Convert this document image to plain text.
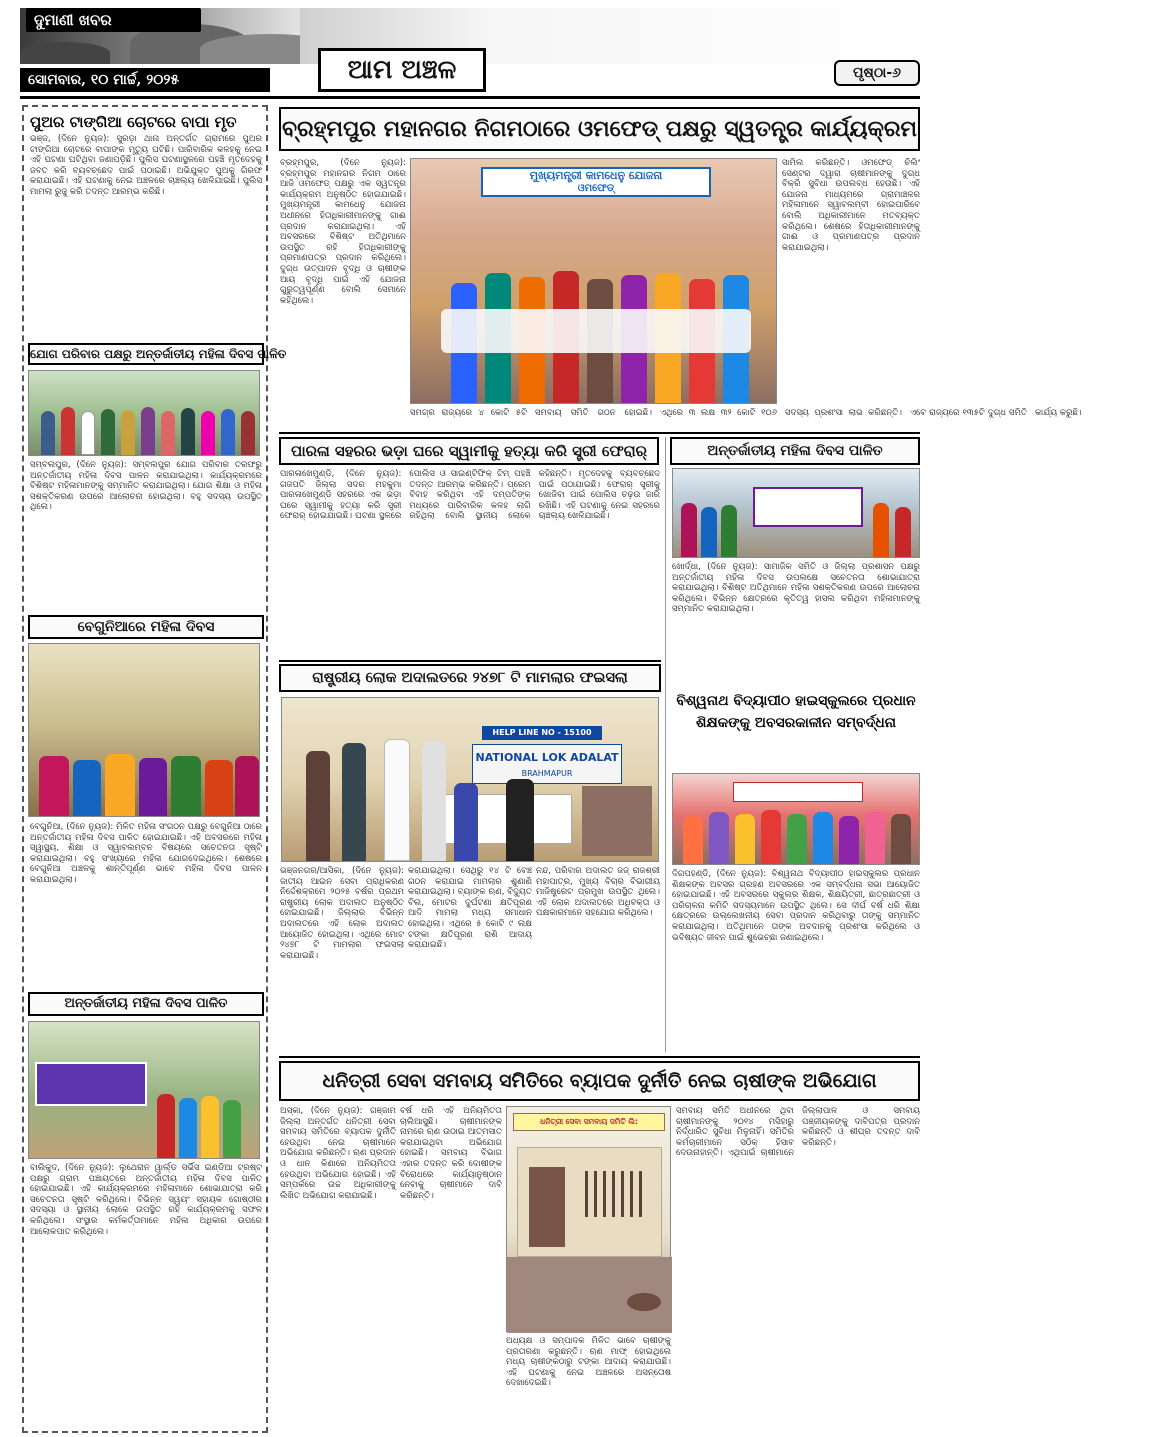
ଦୁମାଣୀ ଖବର
ସୋମବାର, ୧୦ ମାର୍ଚ୍ଚ, ୨୦୨୫	ଆମ ଅଞ୍ଚଳ	ପୃଷ୍ଠା-୬
ପୁଅର ଟାଙ୍ଗିଆ ଚୋଟରେ ବାପା ମୃତ
ଭଞ୍ଜ, (ଦିନେ ନ୍ୟୁଜ): ସୁରଡ଼ା ଥାନା ଅନ୍ତର୍ଗତ ଗ୍ରାମରେ ପୁଅର ଟାଙ୍ଗିଆ ଚୋଟରେ ବାପାଙ୍କ ମୃତ୍ୟୁ ଘଟିଛି। ପାରିବାରିକ କଳହକୁ ନେଇ ଏହି ଘଟଣା ଘଟିଥିବା ଜଣାପଡ଼ିଛି। ପୁଲିସ ଘଟଣାସ୍ଥଳରେ ପହଞ୍ଚି ମୃତଦେହକୁ ଜବତ କରି ବ୍ୟବଚ୍ଛେଦ ପାଇଁ ପଠାଇଛି। ଅଭିଯୁକ୍ତ ପୁଅକୁ ଗିରଫ କରାଯାଇଛି। ଏହି ଘଟଣାକୁ ନେଇ ଅଞ୍ଚଳରେ ଚାଞ୍ଚଲ୍ୟ ଖେଳିଯାଇଛି। ପୁଲିସ ମାମଲା ରୁଜୁ କରି ତଦନ୍ତ ଆରମ୍ଭ କରିଛି।
ଯୋଗ ପରିବାର ପକ୍ଷରୁ ଅନ୍ତର୍ଜାତୀୟ ମହିଳା ଦିବସ ପାଳିତ
ସମ୍ବଲପୁର, (ଦିନେ ନ୍ୟୁଜ): ସମ୍ବଲପୁର ଯୋଗ ପରିବାର ତରଫରୁ ଅନ୍ତର୍ଜାତୀୟ ମହିଳା ଦିବସ ପାଳନ କରାଯାଇଥିଲା। କାର୍ଯ୍ୟକ୍ରମରେ ବିଶିଷ୍ଟ ମହିଳାମାନଙ୍କୁ ସମ୍ମାନିତ କରାଯାଇଥିଲା। ଯୋଗ ଶିକ୍ଷା ଓ ମହିଳା ସଶକ୍ତିକରଣ ଉପରେ ଆଲୋଚନା ହୋଇଥିଲା। ବହୁ ସଦସ୍ୟ ଉପସ୍ଥିତ ଥିଲେ।
ବେଗୁନିଆରେ ମହିଳା ଦିବସ
ବେଗୁନିଆ, (ଦିନେ ନ୍ୟୁଜ): ମିଳିତ ମହିଳା ସଂଗଠନ ପକ୍ଷରୁ ବେଗୁନିଆ ଠାରେ ଅନ୍ତର୍ଜାତୀୟ ମହିଳା ଦିବସ ପାଳିତ ହୋଇଯାଇଛି। ଏହି ଅବସରରେ ମହିଳା ସ୍ୱାସ୍ଥ୍ୟ, ଶିକ୍ଷା ଓ ସ୍ୱାବଲମ୍ବନ ବିଷୟରେ ସଚେତନତା ସୃଷ୍ଟି କରାଯାଇଥିଲା। ବହୁ ସଂଖ୍ୟାରେ ମହିଳା ଯୋଗଦେଇଥିଲେ। ଶେଷରେ ବେଗୁନିଆ ଅଞ୍ଚଳକୁ ଶାନ୍ତିପୂର୍ଣ୍ଣ ଭାବେ ମହିଳା ଦିବସ ପାଳନ କରାଯାଇଥିଲା।
ଅନ୍ତର୍ଜାତୀୟ ମହିଳା ଦିବସ ପାଳିତ
ବାଲିକୁଦ, (ଦିନେ ନ୍ୟୁଜ): ଲୁଥେରାନ ୱାର୍ଲ୍ଡ ସର୍ଭିସ ଇଣ୍ଡିଆ ଟ୍ରଷ୍ଟ ପକ୍ଷରୁ ଗ୍ରାମ ପଞ୍ଚାୟତରେ ଅନ୍ତର୍ଜାତୀୟ ମହିଳା ଦିବସ ପାଳିତ ହୋଇଯାଇଛି। ଏହି କାର୍ଯ୍ୟକ୍ରମରେ ମହିଳାମାନେ ଶୋଭାଯାତ୍ରା କରି ସଚେତନତା ସୃଷ୍ଟି କରିଥିଲେ। ବିଭିନ୍ନ ସ୍ୱୟଂ ସହାୟକ ଗୋଷ୍ଠୀର ସଦସ୍ୟା ଓ ସ୍ଥାନୀୟ ଲୋକେ ଉପସ୍ଥିତ ରହି କାର୍ଯ୍ୟକ୍ରମକୁ ସଫଳ କରିଥିଲେ। ସଂସ୍ଥାର କର୍ମକର୍ତ୍ତାମାନେ ମହିଳା ଅଧିକାର ଉପରେ ଆଲୋକପାତ କରିଥିଲେ।
ବ୍ରହ୍ମପୁର ମହାନଗର ନିଗମଠାରେ ଓମଫେଡ୍ ପକ୍ଷରୁ ସ୍ୱତନ୍ତ୍ର କାର୍ଯ୍ୟକ୍ରମ
ବ୍ରହ୍ମପୁର, (ଦିନେ ନ୍ୟୁଜ): ବ୍ରହ୍ମପୁର ମହାନଗର ନିଗମ ଠାରେ ଆଜି ଓମଫେଡ୍ ପକ୍ଷରୁ ଏକ ସ୍ୱତନ୍ତ୍ର କାର୍ଯ୍ୟକ୍ରମ ଅନୁଷ୍ଠିତ ହୋଇଯାଇଛି। ମୁଖ୍ୟମନ୍ତ୍ରୀ କାମଧେନୁ ଯୋଜନା ଅଧୀନରେ ହିତାଧିକାରୀମାନଙ୍କୁ ଗାଈ ପ୍ରଦାନ କରାଯାଇଥିଲା। ଏହି ଅବସରରେ ବିଶିଷ୍ଟ ଅତିଥିମାନେ ଉପସ୍ଥିତ ରହି ହିତାଧିକାରୀଙ୍କୁ ପ୍ରମାଣପତ୍ର ପ୍ରଦାନ କରିଥିଲେ। ଦୁଗ୍ଧ ଉତ୍ପାଦନ ବୃଦ୍ଧି ଓ ଚାଷୀଙ୍କ ଆୟ ବୃଦ୍ଧି ପାଇଁ ଏହି ଯୋଜନା ଗୁରୁତ୍ୱପୂର୍ଣ୍ଣ ବୋଲି ସେମାନେ କହିଥିଲେ।
ମୁଖ୍ୟମନ୍ତ୍ରୀ କାମଧେନୁ ଯୋଜନା
ଓମଫେଡ୍
ସମଗ୍ର ରାଜ୍ୟରେ ୪ କୋଟି ୫ଟି ସମବାୟ ସମିତି ଗଠନ ହୋଇଛି। ଏଥିରେ ୩ ଲକ୍ଷ ୩୨ କୋଟି ୧୦୬ ସଦସ୍ୟ ପ୍ରଶଂସା ଲାଭ କରିଛନ୍ତି। ଏବେ ରାଜ୍ୟରେ ୧୩୫ଟି ଦୁଗ୍ଧ ସମିତି କାର୍ଯ୍ୟ କରୁଛି।
ସାମିଲ କରିଛନ୍ତି। ଓମଫେଡ୍ ଚିଲିଂ ସେଣ୍ଟର ଦ୍ୱାରା ଚାଷୀମାନଙ୍କୁ ଦୁଗ୍ଧ ବିକ୍ରି ସୁବିଧା ଉପଲବ୍ଧ ହେଉଛି। ଏହି ଯୋଜନା ମାଧ୍ୟମରେ ଗ୍ରାମାଞ୍ଚଳର ମହିଳାମାନେ ସ୍ୱାବଲମ୍ବୀ ହୋଇପାରିବେ ବୋଲି ଅଧିକାରୀମାନେ ମତବ୍ୟକ୍ତ କରିଥିଲେ। ଶେଷରେ ହିତାଧିକାରୀମାନଙ୍କୁ ଗାଈ ଓ ପ୍ରମାଣପତ୍ର ପ୍ରଦାନ କରାଯାଇଥିଲା।
ପାରଳା ସହରର ଭଡ଼ା ଘରେ ସ୍ୱାମୀକୁ ହତ୍ୟା କରି ସ୍ତ୍ରୀ ଫେରାର୍
ପାରଳାଖେମୁଣ୍ଡି, (ଦିନେ ନ୍ୟୁଜ): ଗଜପତି ଜିଲ୍ଲା ସଦର ମହକୁମା ପାରଳାଖେମୁଣ୍ଡି ସହରରେ ଏକ ଭଡ଼ା ଘରେ ସ୍ୱାମୀକୁ ହତ୍ୟା କରି ସ୍ତ୍ରୀ ଫେରାର୍ ହୋଇଯାଇଛି। ଘଟଣା ସ୍ଥଳରେ ପୋଲିସ ଓ ସାଇଣ୍ଟିଫିକ୍ ଟିମ୍ ପହଞ୍ଚି ତଦନ୍ତ ଆରମ୍ଭ କରିଛନ୍ତି। ପ୍ରେମ ବିବାହ କରିଥିବା ଏହି ଦମ୍ପତିଙ୍କ ମଧ୍ୟରେ ପାରିବାରିକ କଳହ ଲାଗି ରହିଥିଲା ବୋଲି ସ୍ଥାନୀୟ ଲୋକେ କହିଛନ୍ତି। ମୃତଦେହକୁ ବ୍ୟବଚ୍ଛେଦ ପାଇଁ ପଠାଯାଇଛି। ଫେରାର୍ ସ୍ତ୍ରୀକୁ ଖୋଜିବା ପାଇଁ ପୋଲିସ ଚଢ଼ଉ ଜାରି ରଖିଛି। ଏହି ଘଟଣାକୁ ନେଇ ସହରରେ ଚାଞ୍ଚଲ୍ୟ ଖେଳିଯାଇଛି।
ଅନ୍ତର୍ଜାତୀୟ ମହିଳା ଦିବସ ପାଳିତ
ଖୋର୍ଦ୍ଧା, (ଦିନେ ନ୍ୟୁଜ): ସାମାଜିକ ସମିତି ଓ ଜିଲ୍ଲା ପ୍ରଶାସନ ପକ୍ଷରୁ ଅନ୍ତର୍ଜାତୀୟ ମହିଳା ଦିବସ ଉପଲକ୍ଷେ ସଚେତନତା ଶୋଭାଯାତ୍ରା କରାଯାଇଥିଲା। ବିଶିଷ୍ଟ ଅତିଥିମାନେ ମହିଳା ସଶକ୍ତିକରଣ ଉପରେ ଆଲୋଚନା କରିଥିଲେ। ବିଭିନ୍ନ କ୍ଷେତ୍ରରେ କୃତିତ୍ୱ ହାସଲ କରିଥିବା ମହିଳାମାନଙ୍କୁ ସମ୍ମାନିତ କରାଯାଇଥିଲା।
ରାଷ୍ଟ୍ରୀୟ ଲୋକ ଅଦାଲତରେ ୨୪୭୮ ଟି ମାମଲାର ଫଇସଲା
HELP LINE NO - 15100
NATIONAL LOK ADALAT
BRAHMAPUR
ଭଞ୍ଜନଗର/ଆସିକା, (ଦିନେ ନ୍ୟୁଜ): ଜାତୀୟ ଆଇନ ସେବା ପ୍ରାଧିକରଣ ନିର୍ଦ୍ଦେଶକ୍ରମେ ୨୦୨୫ ବର୍ଷର ପ୍ରଥମ ରାଷ୍ଟ୍ରୀୟ ଲୋକ ଅଦାଲତ ଅନୁଷ୍ଠିତ ହୋଇଯାଇଛି। ଜିଲ୍ଲାର ବିଭିନ୍ନ ଅଦାଲତରେ ଏହି ଲୋକ ଅଦାଲତ ଆୟୋଜିତ ହୋଇଥିଲା। ଏଥିରେ ମୋଟ ୨୪୭୮ ଟି ମାମଲାର ଫଇସଲା କରାଯାଇଛି।
କରାଯାଇଥିଲା। ସେଥିରୁ ୧୪ ଟି ବେଞ୍ଚ ଗଠନ କରାଯାଇ ମାମଲାର ଶୁଣାଣି କରାଯାଇଥିଲା। ବ୍ୟାଙ୍କ ଋଣ, ବିଦ୍ୟୁତ ବିଲ, ମୋଟର ଦୁର୍ଘଟଣା କ୍ଷତିପୂରଣ ଆଦି ମାମଲା ମଧ୍ୟ ସମାଧାନ ହୋଇଥିଲା। ଏଥିରେ ୫ କୋଟି ୯ ଲକ୍ଷ ଟଙ୍କା କ୍ଷତିପୂରଣ ରାଶି ଆଦାୟ କରାଯାଇଛି।
ନନ୍ଦ, ପରିବାର ଅଦାଲତ ଜଜ୍ ରାଜଶ୍ରୀ ମହାପାତ୍ର, ମୁଖ୍ୟ ବିଚାର ବିଭାଗୀୟ ମାଜିଷ୍ଟ୍ରେଟ ପ୍ରମୁଖ ଉପସ୍ଥିତ ଥିଲେ। ଏହି ଲୋକ ଅଦାଲତରେ ଅଧିବକ୍ତା ଓ ପକ୍ଷକାରମାନେ ସହଯୋଗ କରିଥିଲେ।
ବିଶ୍ୱନାଥ ବିଦ୍ୟାପୀଠ ହାଇସ୍କୁଲରେ ପ୍ରଧାନ ଶିକ୍ଷକଙ୍କୁ ଅବସରକାଳୀନ ସମ୍ବର୍ଦ୍ଧନା
ଦିଗପହଣ୍ଡି, (ଦିନେ ନ୍ୟୁଜ): ବିଶ୍ୱନାଥ ବିଦ୍ୟାପୀଠ ହାଇସ୍କୁଲର ପ୍ରଧାନ ଶିକ୍ଷକଙ୍କ ଅବସର ଗ୍ରହଣ ଅବସରରେ ଏକ ସମ୍ବର୍ଦ୍ଧନା ସଭା ଆୟୋଜିତ ହୋଇଯାଇଛି। ଏହି ଅବସରରେ ସ୍କୁଲର ଶିକ୍ଷକ, ଶିକ୍ଷୟିତ୍ରୀ, ଛାତ୍ରଛାତ୍ରୀ ଓ ପରିଚାଳନା କମିଟି ସଦସ୍ୟମାନେ ଉପସ୍ଥିତ ଥିଲେ। ସେ ଦୀର୍ଘ ବର୍ଷ ଧରି ଶିକ୍ଷା କ୍ଷେତ୍ରରେ ଉଲ୍ଲେଖନୀୟ ସେବା ପ୍ରଦାନ କରିଥିବାରୁ ତାଙ୍କୁ ସମ୍ମାନିତ କରାଯାଇଥିଲା। ଅତିଥିମାନେ ତାଙ୍କ ଅବଦାନକୁ ପ୍ରଶଂସା କରିଥିଲେ ଓ ଭବିଷ୍ୟତ ଜୀବନ ପାଇଁ ଶୁଭେଚ୍ଛା ଜଣାଇଥିଲେ।
ଧନିତ୍ରୀ ସେବା ସମବାୟ ସମିତିରେ ବ୍ୟାପକ ଦୁର୍ନୀତି ନେଇ ଚାଷୀଙ୍କ ଅଭିଯୋଗ
ଅସ୍କା, (ଦିନେ ନ୍ୟୁଜ): ଗଞ୍ଜାମ ଜିଲ୍ଲା ଅନ୍ତର୍ଗତ ଧନିତ୍ରୀ ସେବା ସମବାୟ ସମିତିରେ ବ୍ୟାପକ ଦୁର୍ନୀତି ହେଉଥିବା ନେଇ ଚାଷୀମାନେ ଅଭିଯୋଗ କରିଛନ୍ତି। ଋଣ ପ୍ରଦାନ ଓ ଧାନ କିଣାରେ ଅନିୟମିତତା ହେଉଥିବା ଅଭିଯୋଗ ହୋଇଛି। ଏହି ସମ୍ପର୍କରେ ଉଚ୍ଚ ଅଧିକାରୀଙ୍କୁ ଲିଖିତ ଅଭିଯୋଗ କରାଯାଇଛି।
ବର୍ଷ ଧରି ଏହି ଅନିୟମିତତା ଚାଲିଆସୁଛି। ଚାଷୀମାନଙ୍କ ନାମରେ ଋଣ ଉଠାଇ ଆତ୍ମସାତ କରାଯାଇଥିବା ଅଭିଯୋଗ ହୋଇଛି। ସମବାୟ ବିଭାଗ ଏହାର ତଦନ୍ତ କରି ଦୋଷୀଙ୍କ ବିରୋଧରେ କାର୍ଯ୍ୟାନୁଷ୍ଠାନ ନେବାକୁ ଚାଷୀମାନେ ଦାବି କରିଛନ୍ତି।
ଧନିତ୍ରୀ ସେବା ସମବାୟ ସମିତି ଲି:
ଅଧ୍ୟକ୍ଷ ଓ ସମ୍ପାଦକ ମିଳିତ ଭାବେ ଚାଷୀଙ୍କୁ ପ୍ରତାରଣା କରୁଛନ୍ତି। ଋଣ ମାଫ୍ ହୋଇଥିଲେ ମଧ୍ୟ ଚାଷୀଙ୍କଠାରୁ ଟଙ୍କା ଆଦାୟ କରାଯାଉଛି। ଏହି ଘଟଣାକୁ ନେଇ ଅଞ୍ଚଳରେ ଅସନ୍ତୋଷ ଦେଖାଦେଇଛି।
ସମବାୟ ସମିତି ଅଧୀନରେ ଥିବା ଚାଷୀମାନଙ୍କୁ ୨୦୧୪ ମସିହାରୁ ନିର୍ଦ୍ଧାରିତ ସୁବିଧା ମିଳୁନାହିଁ। ସମିତିର କର୍ମଚାରୀମାନେ ସଠିକ୍ ହିସାବ ଦେଉନାହାନ୍ତି। ଏଥିପାଇଁ ଚାଷୀମାନେ ଜିଲ୍ଲାପାଳ ଓ ସମବାୟ ପଞ୍ଜୀୟକଙ୍କୁ ଦାବିପତ୍ର ପ୍ରଦାନ କରିଛନ୍ତି ଓ ଶୀଘ୍ର ତଦନ୍ତ ଦାବି କରିଛନ୍ତି।
